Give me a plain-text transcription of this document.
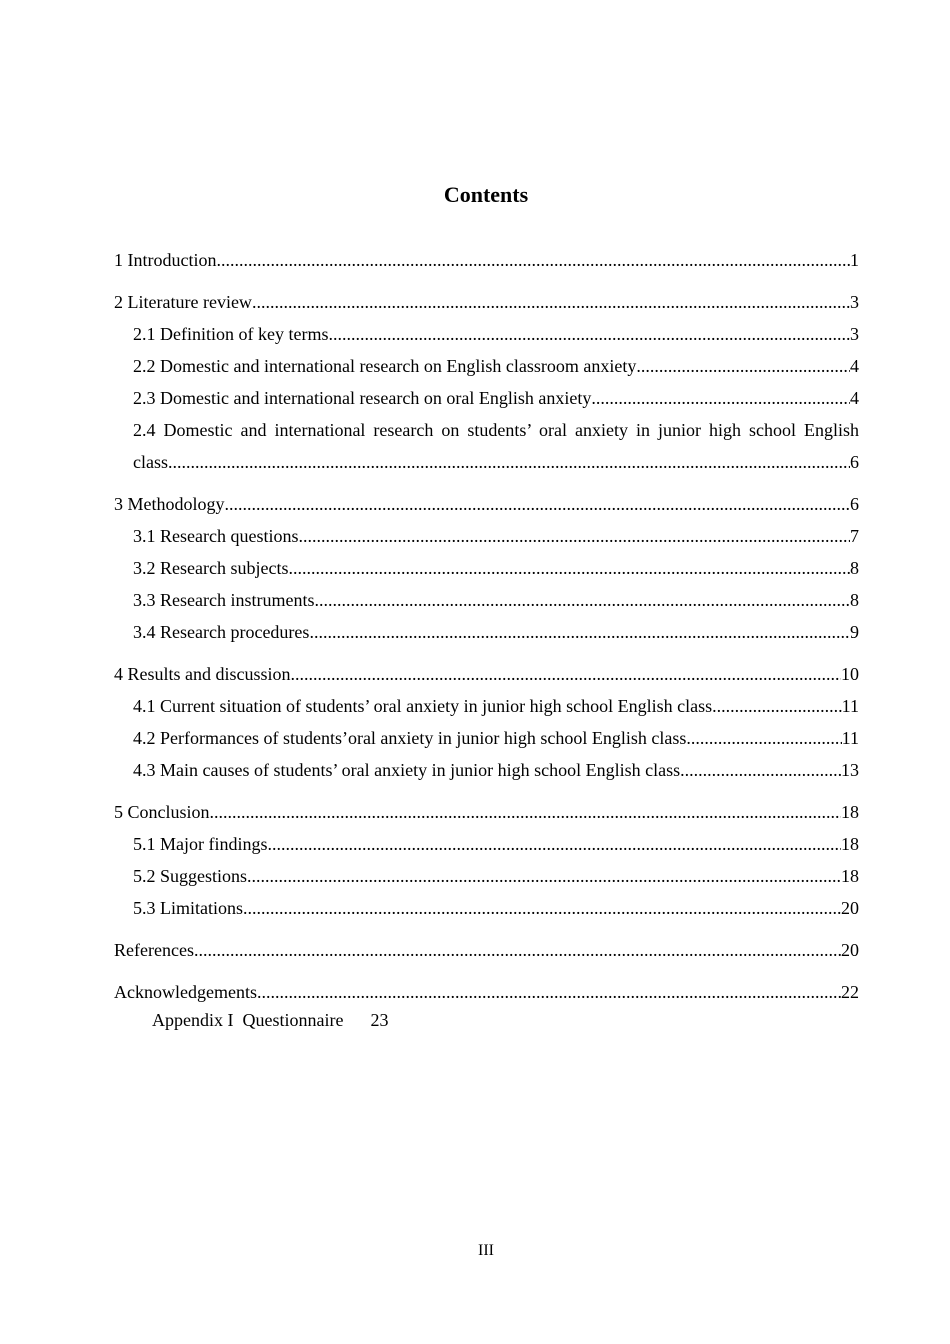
Contents
1 Introduction .....	1
2 Literature review .....	3
2.1 Definition of key terms .....	3
2.2 Domestic and international research on English classroom anxiety .....	4
2.3 Domestic and international research on oral English anxiety .....	4
2.4 Domestic and international research on students’ oral anxiety in junior high school English
class .....	6
3 Methodology .....	6
3.1 Research questions .....	7
3.2 Research subjects .....	8
3.3 Research instruments .....	8
3.4 Research procedures .....	9
4 Results and discussion .....	10
4.1 Current situation of students’ oral anxiety in junior high school English class .....	11
4.2 Performances of students’oral anxiety in junior high school English class .....	11
4.3 Main causes of students’ oral anxiety in junior high school English class .....	13
5 Conclusion .....	18
5.1 Major findings .....	18
5.2 Suggestions .....	18
5.3 Limitations .....	20
References .....	20
Acknowledgements .....	22
Appendix I  Questionnaire 23
III
